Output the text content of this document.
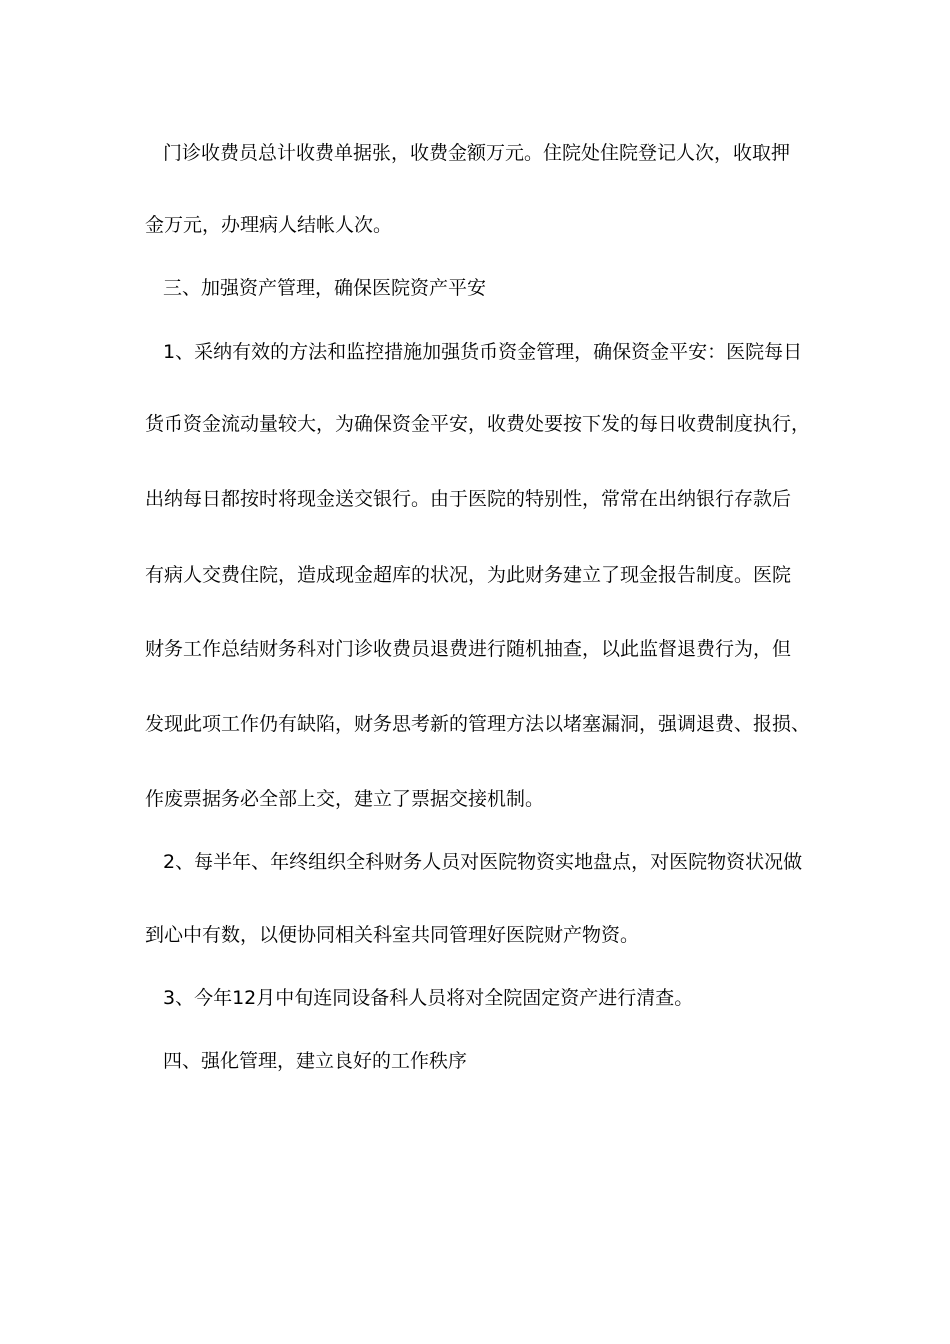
门诊收费员总计收费单据张，收费金额万元。住院处住院登记人次，收取押
金万元，办理病人结帐人次。
三、加强资产管理，确保医院资产平安
1、采纳有效的方法和监控措施加强货币资金管理，确保资金平安：医院每日
货币资金流动量较大，为确保资金平安，收费处要按下发的每日收费制度执行，
出纳每日都按时将现金送交银行。由于医院的特别性，常常在出纳银行存款后
有病人交费住院，造成现金超库的状况，为此财务建立了现金报告制度。医院
财务工作总结财务科对门诊收费员退费进行随机抽查，以此监督退费行为，但
发现此项工作仍有缺陷，财务思考新的管理方法以堵塞漏洞，强调退费、报损、
作废票据务必全部上交，建立了票据交接机制。
2、每半年、年终组织全科财务人员对医院物资实地盘点，对医院物资状况做
到心中有数，以便协同相关科室共同管理好医院财产物资。
3、今年12月中旬连同设备科人员将对全院固定资产进行清查。
四、强化管理，建立良好的工作秩序
